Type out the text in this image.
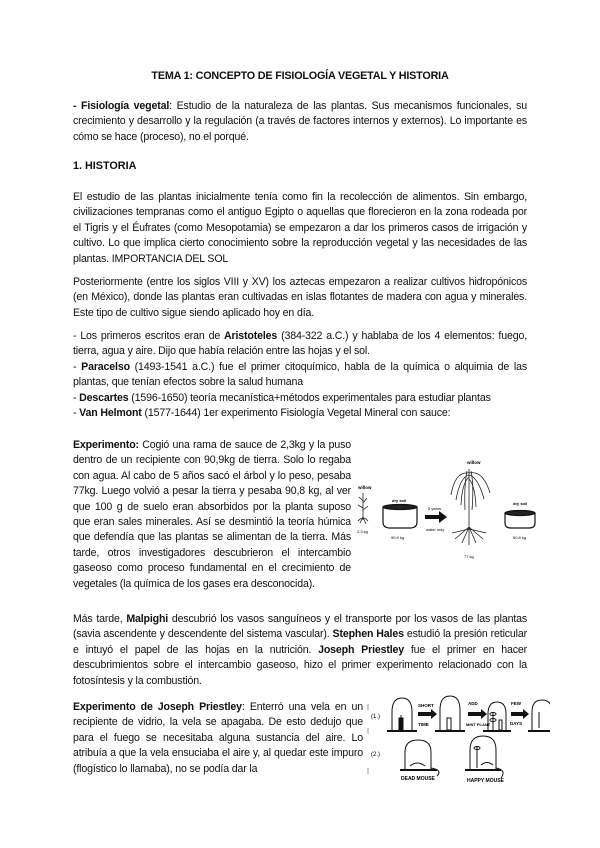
TEMA 1: CONCEPTO DE FISIOLOGÍA VEGETAL Y HISTORIA
- Fisiología vegetal: Estudio de la naturaleza de las plantas. Sus mecanismos funcionales, su crecimiento y desarrollo y la regulación (a través de factores internos y externos). Lo importante es cómo se hace (proceso), no el porqué.
1. HISTORIA
El estudio de las plantas inicialmente tenía como fin la recolección de alimentos. Sin embargo, civilizaciones tempranas como el antiguo Egipto o aquellas que florecieron en la zona rodeada por el Tigris y el Éufrates (como Mesopotamia) se empezaron a dar los primeros casos de irrigación y cultivo. Lo que implica cierto conocimiento sobre la reproducción vegetal y las necesidades de las plantas. IMPORTANCIA DEL SOL
Posteriormente (entre los siglos VIII y XV) los aztecas empezaron a realizar cultivos hidropónicos (en México), donde las plantas eran cultivadas en islas flotantes de madera con agua y minerales. Este tipo de cultivo sigue siendo aplicado hoy en día.
- Los primeros escritos eran de Aristoteles (384-322 a.C.) y hablaba de los 4 elementos: fuego, tierra, agua y aire. Dijo que había relación entre las hojas y el sol.
- Paracelso (1493-1541 a.C.) fue el primer citoquímico, habla de la química o alquimia de las plantas, que tenían efectos sobre la salud humana
- Descartes (1596-1650) teoría mecanística+métodos experimentales para estudiar plantas
- Van Helmont (1577-1644) 1er experimento Fisiología Vegetal Mineral con sauce:
Experimento: Cogió una rama de sauce de 2,3kg y la puso dentro de un recipiente con 90,9kg de tierra. Solo lo regaba con agua. Al cabo de 5 años sacó el árbol y lo peso, pesaba 77kg. Luego volvió a pesar la tierra y pesaba 90,8 kg, al ver que 100 g de suelo eran absorbidos por la planta suposo que eran sales minerales. Así se desmintió la teoría húmica que defendía que las plantas se alimentan de la tierra. Más tarde, otros investigadores descubrieron el intercambio gaseoso como proceso fundamental en el crecimiento de vegetales (la química de los gases era desconocida).
willow
2.3 kg
dry soil
90.9 kg
5 years
water only
willow
77 kg
dry soil
90.8 kg
Más tarde, Malpighi descubrió los vasos sanguíneos y el transporte por los vasos de las plantas (savia ascendente y descendente del sistema vascular). Stephen Hales estudió la presión reticular e intuyó el papel de las hojas en la nutrición. Joseph Priestley fue el primer en hacer descubrimientos sobre el intercambio gaseoso, hizo el primer experimento relacionado con la fotosíntesis y la combustión.
Experimento de Joseph Priestley: Enterró una vela en un recipiente de vidrio, la vela se apagaba. De esto dedujo que para el fuego se necesitaba alguna sustancia del aire. Lo atribuía a que la vela ensuciaba el aire y, al quedar este impuro (flogístico lo llamaba), no se podía dar la
(1.)
(2.)
SHORT
TIME
ADD
MINT PLANT
FEW
DAYS
DEAD MOUSE	HAPPY MOUSE
